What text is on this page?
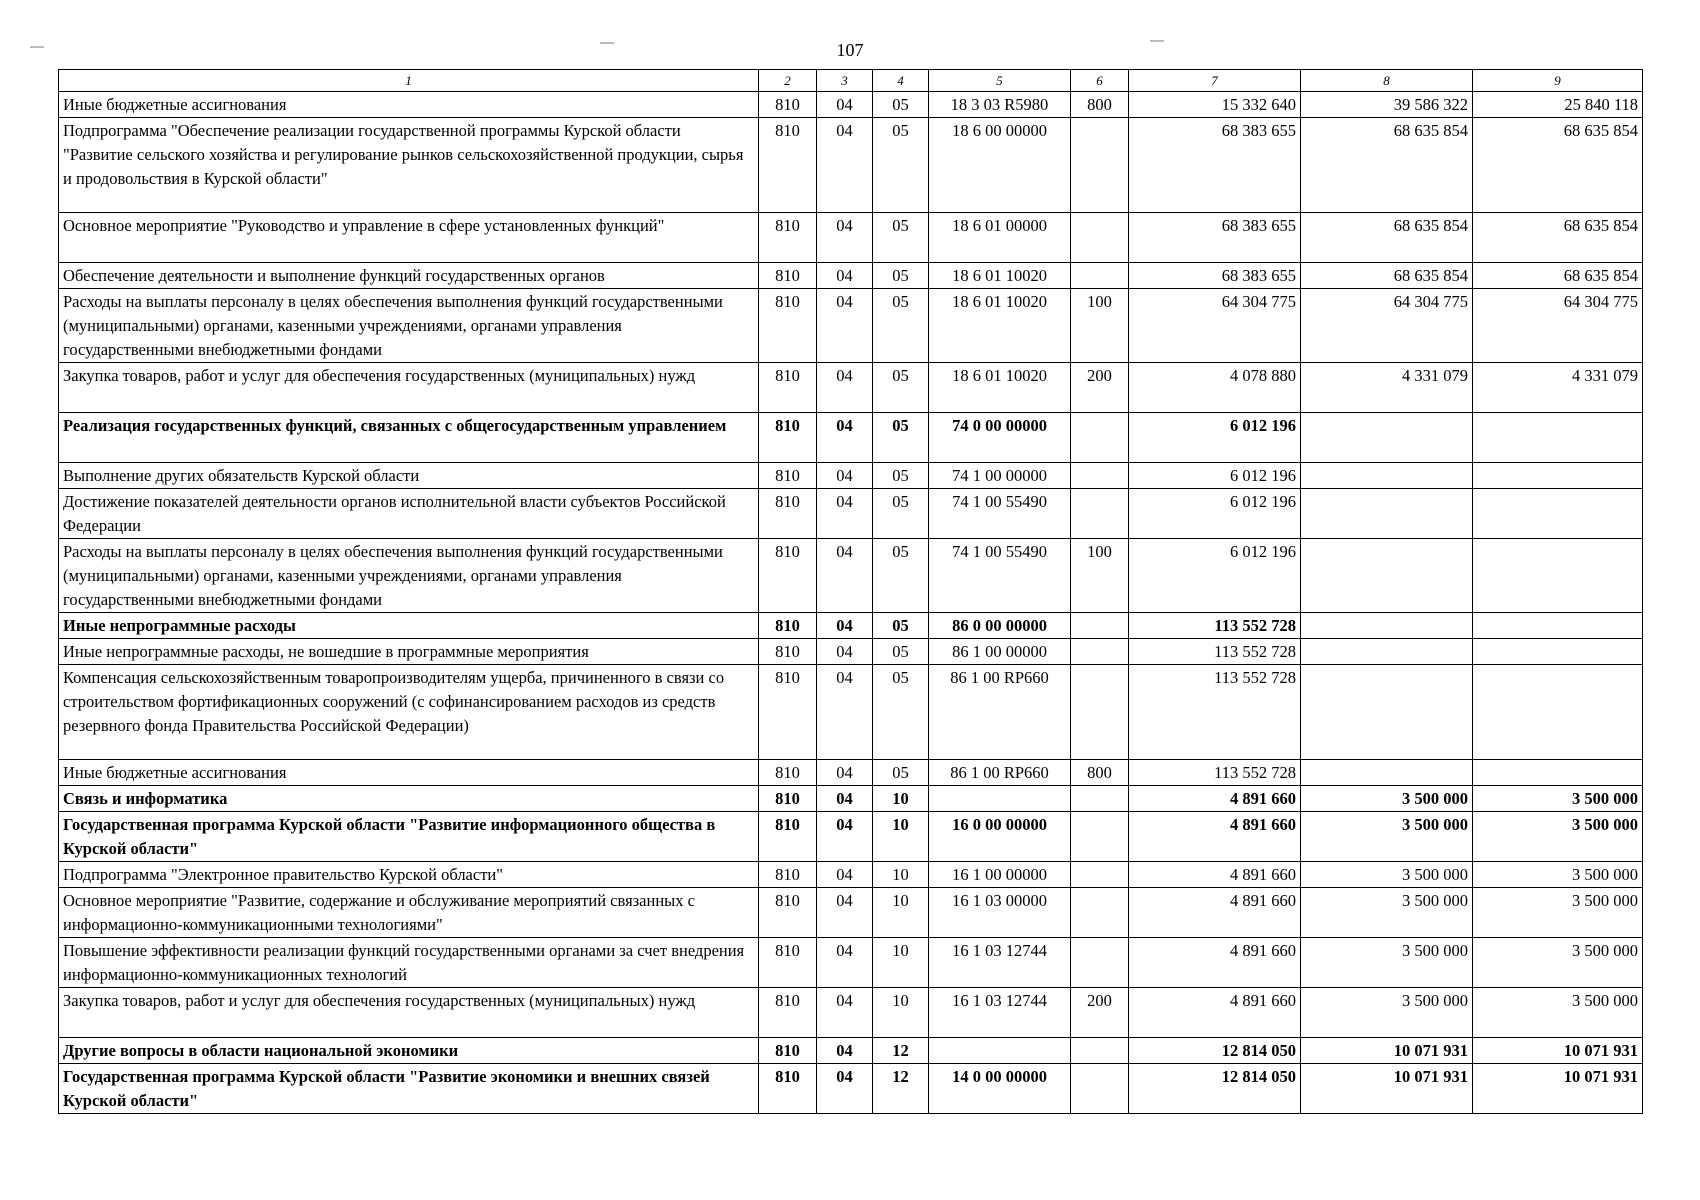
107
1	2	3	4	5	6	7	8	9
Иные бюджетные ассигнования	810	04	05	18 3 03 R5980	800	15 332 640	39 586 322	25 840 118
Подпрограмма "Обеспечение реализации государственной программы Курской области "Развитие сельского хозяйства и регулирование рынков сельскохозяйственной продукции, сырья и продовольствия в Курской области"	810	04	05	18 6 00 00000		68 383 655	68 635 854	68 635 854
Основное мероприятие "Руководство и управление в сфере установленных функций"	810	04	05	18 6 01 00000		68 383 655	68 635 854	68 635 854
Обеспечение деятельности и выполнение функций государственных органов	810	04	05	18 6 01 10020		68 383 655	68 635 854	68 635 854
Расходы на выплаты персоналу в целях обеспечения выполнения функций государственными (муниципальными) органами, казенными учреждениями, органами управления государственными внебюджетными фондами	810	04	05	18 6 01 10020	100	64 304 775	64 304 775	64 304 775
Закупка товаров, работ и услуг для обеспечения государственных (муниципальных) нужд	810	04	05	18 6 01 10020	200	4 078 880	4 331 079	4 331 079
Реализация государственных функций, связанных с общегосударственным управлением	810	04	05	74 0 00 00000		6 012 196		
Выполнение других обязательств Курской области	810	04	05	74 1 00 00000		6 012 196		
Достижение показателей деятельности органов исполнительной власти субъектов Российской Федерации	810	04	05	74 1 00 55490		6 012 196		
Расходы на выплаты персоналу в целях обеспечения выполнения функций государственными (муниципальными) органами, казенными учреждениями, органами управления государственными внебюджетными фондами	810	04	05	74 1 00 55490	100	6 012 196		
Иные непрограммные расходы	810	04	05	86 0 00 00000		113 552 728		
Иные непрограммные расходы, не вошедшие в программные мероприятия	810	04	05	86 1 00 00000		113 552 728		
Компенсация сельскохозяйственным товаропроизводителям ущерба, причиненного в связи со строительством фортификационных сооружений (с софинансированием расходов из средств резервного фонда Правительства Российской Федерации)	810	04	05	86 1 00 RP660		113 552 728		
Иные бюджетные ассигнования	810	04	05	86 1 00 RP660	800	113 552 728		
Связь и информатика	810	04	10			4 891 660	3 500 000	3 500 000
Государственная программа Курской области "Развитие информационного общества в Курской области"	810	04	10	16 0 00 00000		4 891 660	3 500 000	3 500 000
Подпрограмма "Электронное правительство Курской области"	810	04	10	16 1 00 00000		4 891 660	3 500 000	3 500 000
Основное мероприятие "Развитие, содержание и обслуживание мероприятий связанных с информационно-коммуникационными технологиями"	810	04	10	16 1 03 00000		4 891 660	3 500 000	3 500 000
Повышение эффективности реализации функций государственными органами за счет внедрения информационно-коммуникационных технологий	810	04	10	16 1 03 12744		4 891 660	3 500 000	3 500 000
Закупка товаров, работ и услуг для обеспечения государственных (муниципальных) нужд	810	04	10	16 1 03 12744	200	4 891 660	3 500 000	3 500 000
Другие вопросы в области национальной экономики	810	04	12			12 814 050	10 071 931	10 071 931
Государственная программа Курской области "Развитие экономики и внешних связей Курской области"	810	04	12	14 0 00 00000		12 814 050	10 071 931	10 071 931
